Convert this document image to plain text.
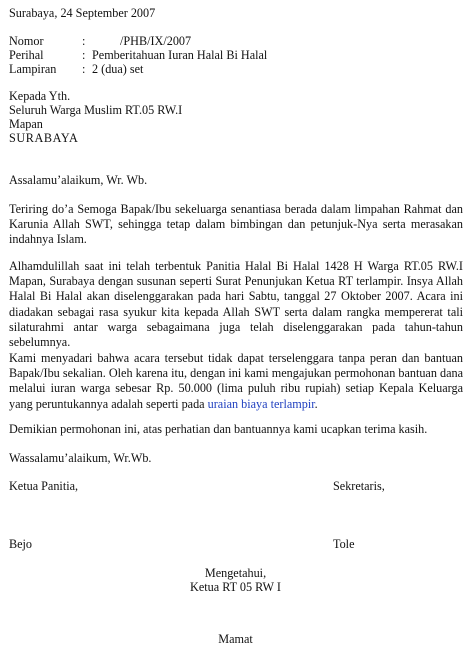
Surabaya, 24 September 2007
Nomor	:	/PHB/IX/2007
Perihal	: Pemberitahuan Iuran Halal Bi Halal
Lampiran : 2 (dua) set
Kepada Yth.
Seluruh Warga Muslim RT.05 RW.I
Mapan
SURABAYA
Assalamu’alaikum, Wr. Wb.
Teriring do’a Semoga Bapak/Ibu sekeluarga senantiasa berada dalam limpahan Rahmat dan Karunia Allah SWT, sehingga tetap dalam bimbingan dan petunjuk-Nya serta merasakan indahnya Islam.
Alhamdulillah saat ini telah terbentuk Panitia Halal Bi Halal 1428 H Warga RT.05 RW.I Mapan, Surabaya dengan susunan seperti Surat Penunjukan Ketua RT terlampir. Insya Allah Halal Bi Halal akan diselenggarakan pada hari Sabtu, tanggal 27 Oktober 2007. Acara ini diadakan sebagai rasa syukur kita kepada Allah SWT serta dalam rangka mempererat tali silaturahmi antar warga sebagaimana juga telah diselenggarakan pada tahun-tahun sebelumnya.
Kami menyadari bahwa acara tersebut tidak dapat terselenggara tanpa peran dan bantuan Bapak/Ibu sekalian. Oleh karena itu, dengan ini kami mengajukan permohonan bantuan dana melalui iuran warga sebesar Rp. 50.000 (lima puluh ribu rupiah) setiap Kepala Keluarga yang peruntukannya adalah seperti pada uraian biaya terlampir.
Demikian permohonan ini, atas perhatian dan bantuannya kami ucapkan terima kasih.
Wassalamu’alaikum, Wr.Wb.
Ketua Panitia,	Sekretaris,
Bejo	Tole
Mengetahui,
Ketua RT 05 RW I
Mamat
